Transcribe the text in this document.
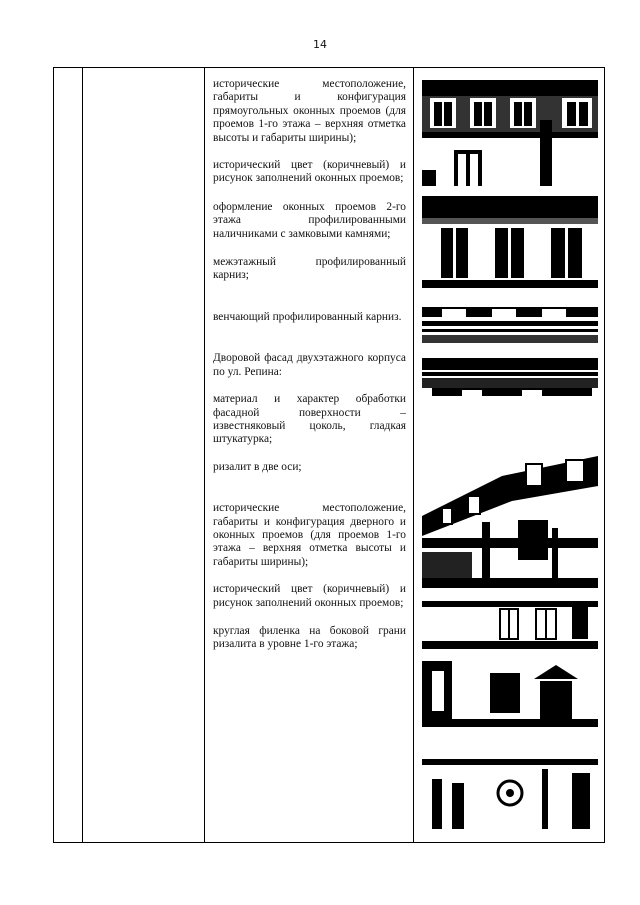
14

исторические местоположение, габариты и конфигурация прямоугольных оконных проемов (для проемов 1-го этажа – верхняя отметка высоты и габариты ширины);

исторический цвет (коричневый) и рисунок заполнений оконных проемов;

оформление оконных проемов 2-го этажа профилированными наличниками с замковыми камнями;

межэтажный профилированный карниз;

венчающий профилированный карниз.

Дворовой фасад двухэтажного корпуса по ул. Репина:

материал и характер обработки фасадной поверхности – известняковый цоколь, гладкая штукатурка;

ризалит в две оси;

исторические местоположение, габариты и конфигурация дверного и оконных проемов (для проемов 1-го этажа – верхняя отметка высоты и габариты ширины);

исторический цвет (коричневый) и рисунок заполнений оконных проемов;

круглая филенка на боковой грани ризалита в уровне 1-го этажа;
